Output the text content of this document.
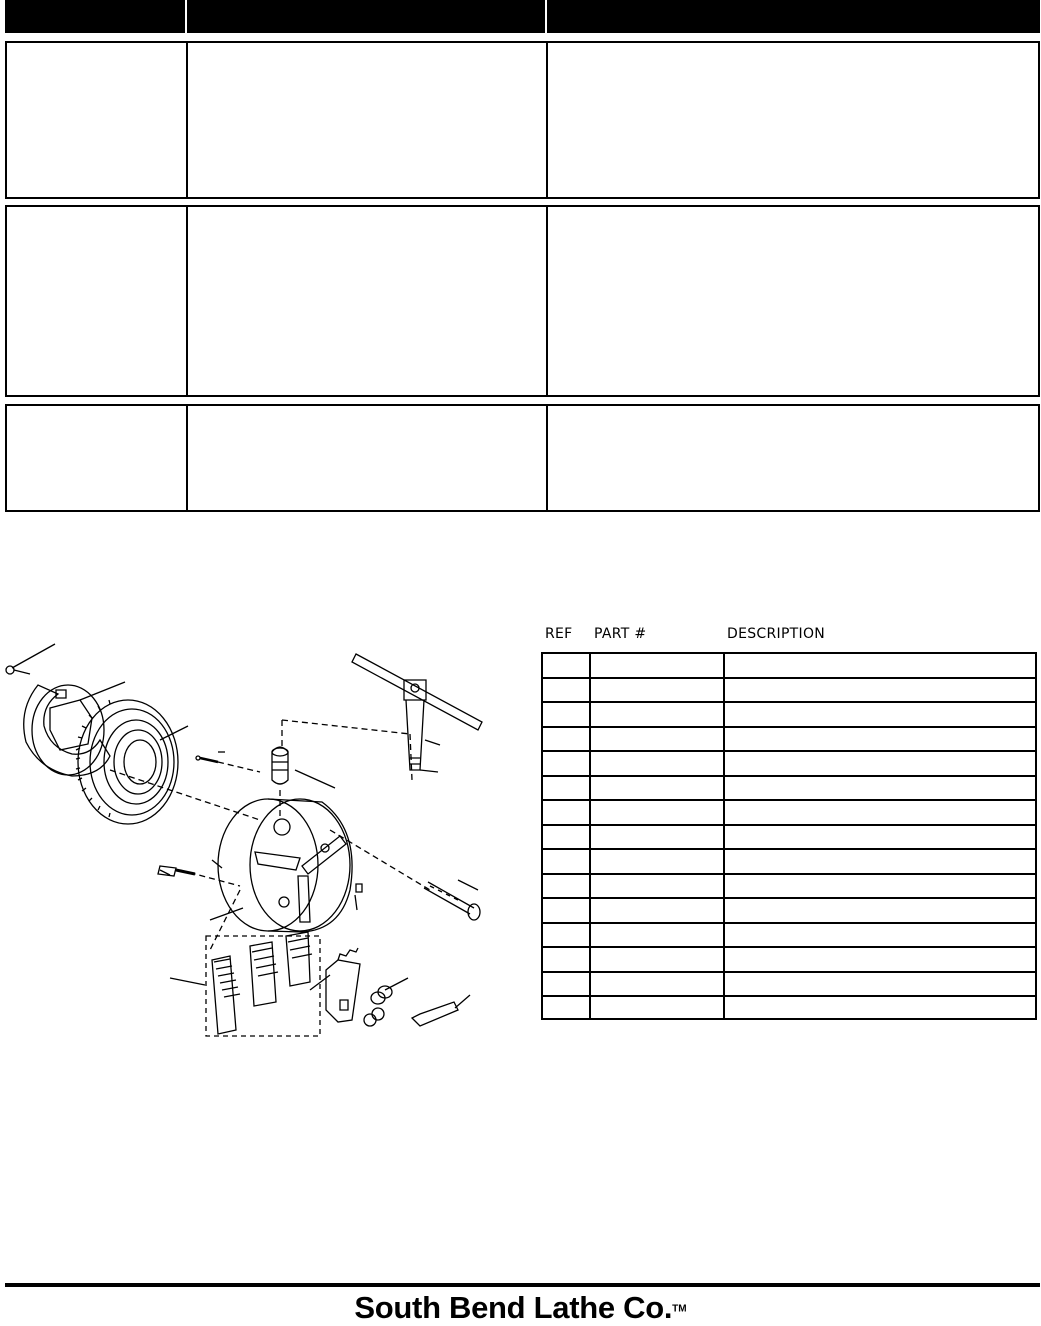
REF PART #	DESCRIPTION
South Bend Lathe Co.™
